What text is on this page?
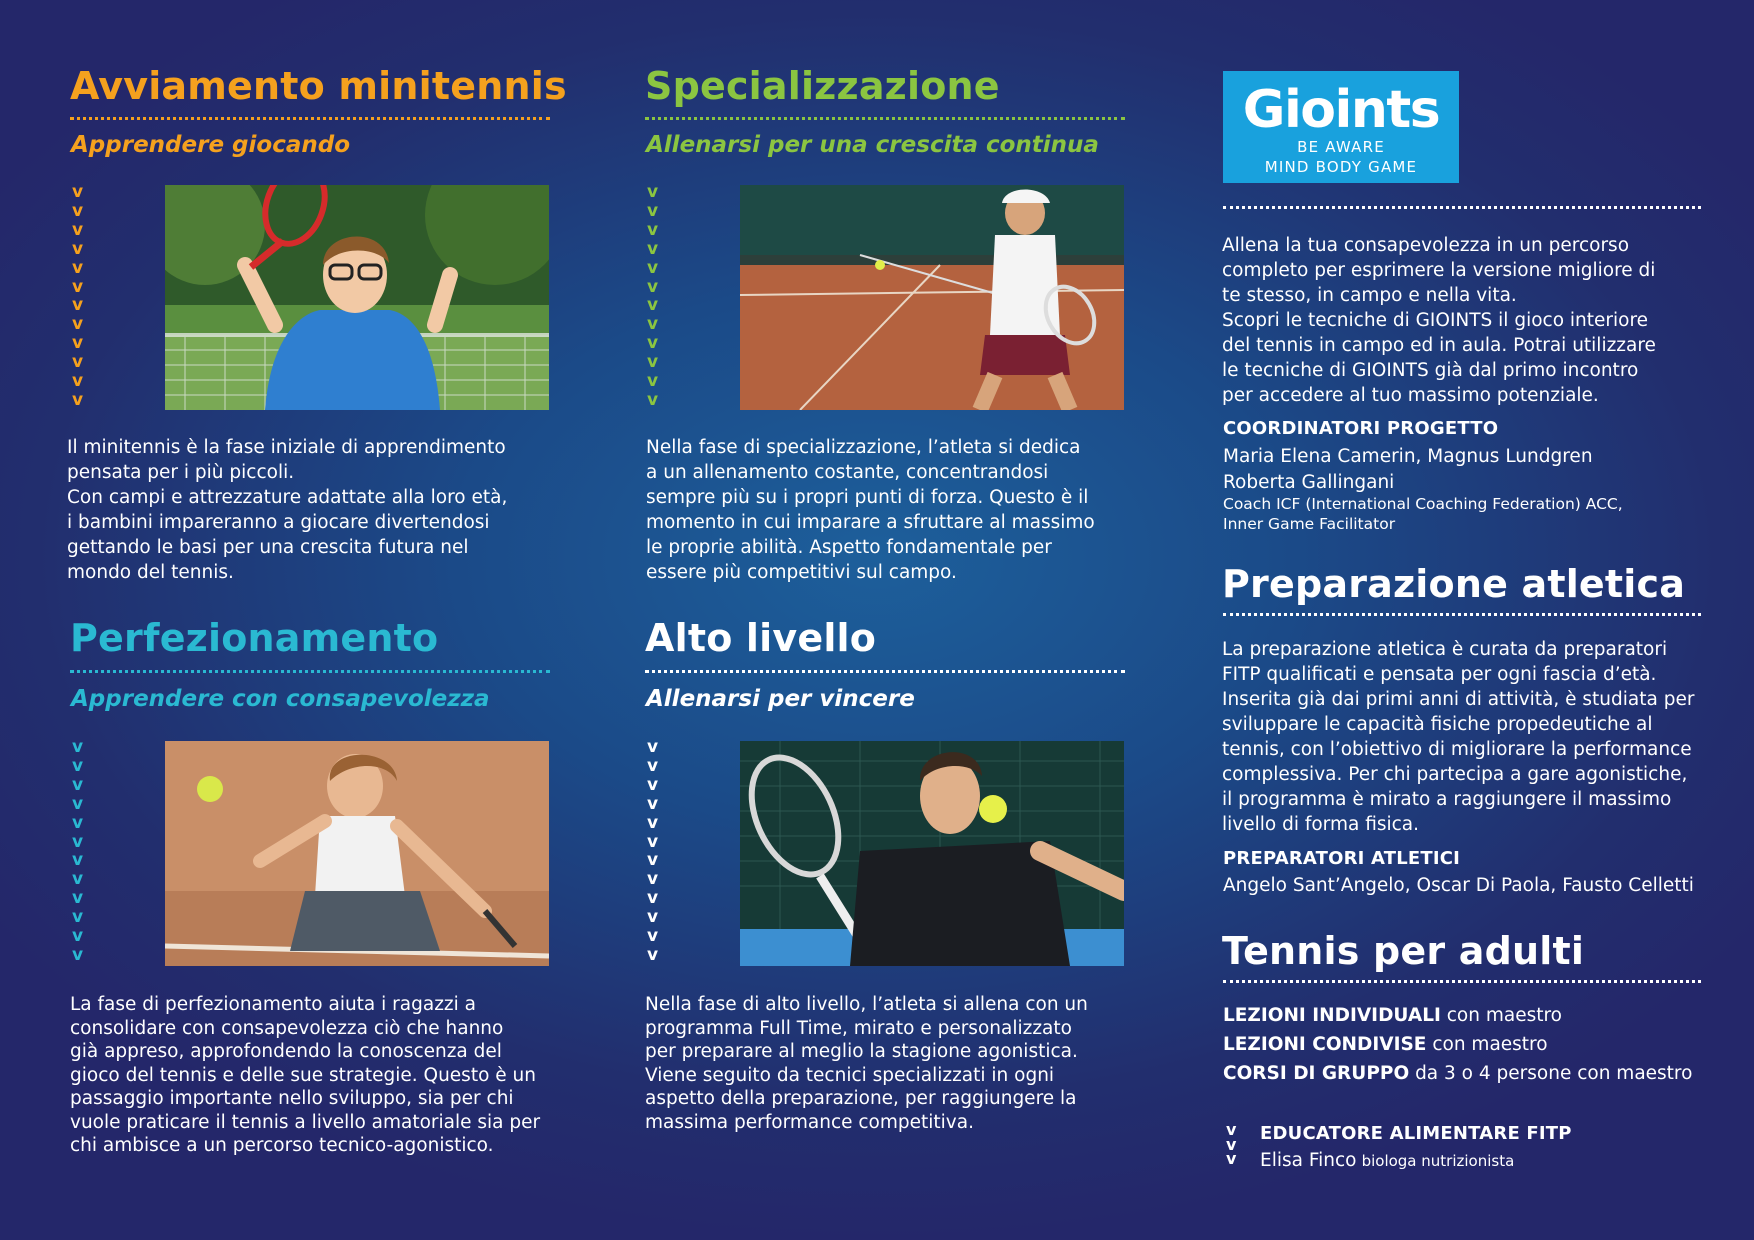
Avviamento minitennis
Apprendere giocando
v
v
v
v
v
v
v
v
v
v
v
v
Il minitennis è la fase iniziale di apprendimento
pensata per i più piccoli.
Con campi e attrezzature adattate alla loro età,
i bambini impareranno a giocare divertendosi
gettando le basi per una crescita futura nel
mondo del tennis.
Perfezionamento
Apprendere con consapevolezza
v
v
v
v
v
v
v
v
v
v
v
v
La fase di perfezionamento aiuta i ragazzi a
consolidare con consapevolezza ciò che hanno
già appreso, approfondendo la conoscenza del
gioco del tennis e delle sue strategie. Questo è un
passaggio importante nello sviluppo, sia per chi
vuole praticare il tennis a livello amatoriale sia per
chi ambisce a un percorso tecnico-agonistico.
Specializzazione
Allenarsi per una crescita continua
v
v
v
v
v
v
v
v
v
v
v
v
Nella fase di specializzazione, l’atleta si dedica
a un allenamento costante, concentrandosi
sempre più su i propri punti di forza. Questo è il
momento in cui imparare a sfruttare al massimo
le proprie abilità. Aspetto fondamentale per
essere più competitivi sul campo.
Alto livello
Allenarsi per vincere
v
v
v
v
v
v
v
v
v
v
v
v
Nella fase di alto livello, l’atleta si allena con un
programma Full Time, mirato e personalizzato
per preparare al meglio la stagione agonistica.
Viene seguito da tecnici specializzati in ogni
aspetto della preparazione, per raggiungere la
massima performance competitiva.
Gioints
BE AWARE
MIND BODY GAME
Allena la tua consapevolezza in un percorso
completo per esprimere la versione migliore di
te stesso, in campo e nella vita.
Scopri le tecniche di GIOINTS il gioco interiore
del tennis in campo ed in aula. Potrai utilizzare
le tecniche di GIOINTS già dal primo incontro
per accedere al tuo massimo potenziale.
COORDINATORI PROGETTO
Maria Elena Camerin, Magnus Lundgren
Roberta Gallingani
Coach ICF (International Coaching Federation) ACC,
Inner Game Facilitator
Preparazione atletica
La preparazione atletica è curata da preparatori
FITP qualificati e pensata per ogni fascia d’età.
Inserita già dai primi anni di attività, è studiata per
sviluppare le capacità fisiche propedeutiche al
tennis, con l’obiettivo di migliorare la performance
complessiva. Per chi partecipa a gare agonistiche,
il programma è mirato a raggiungere il massimo
livello di forma fisica.
PREPARATORI ATLETICI
Angelo Sant’Angelo, Oscar Di Paola, Fausto Celletti
Tennis per adulti
LEZIONI INDIVIDUALI con maestro
LEZIONI CONDIVISE con maestro
CORSI DI GRUPPO da 3 o 4 persone con maestro
v
v
v
EDUCATORE ALIMENTARE FITP
Elisa Finco biologa nutrizionista
